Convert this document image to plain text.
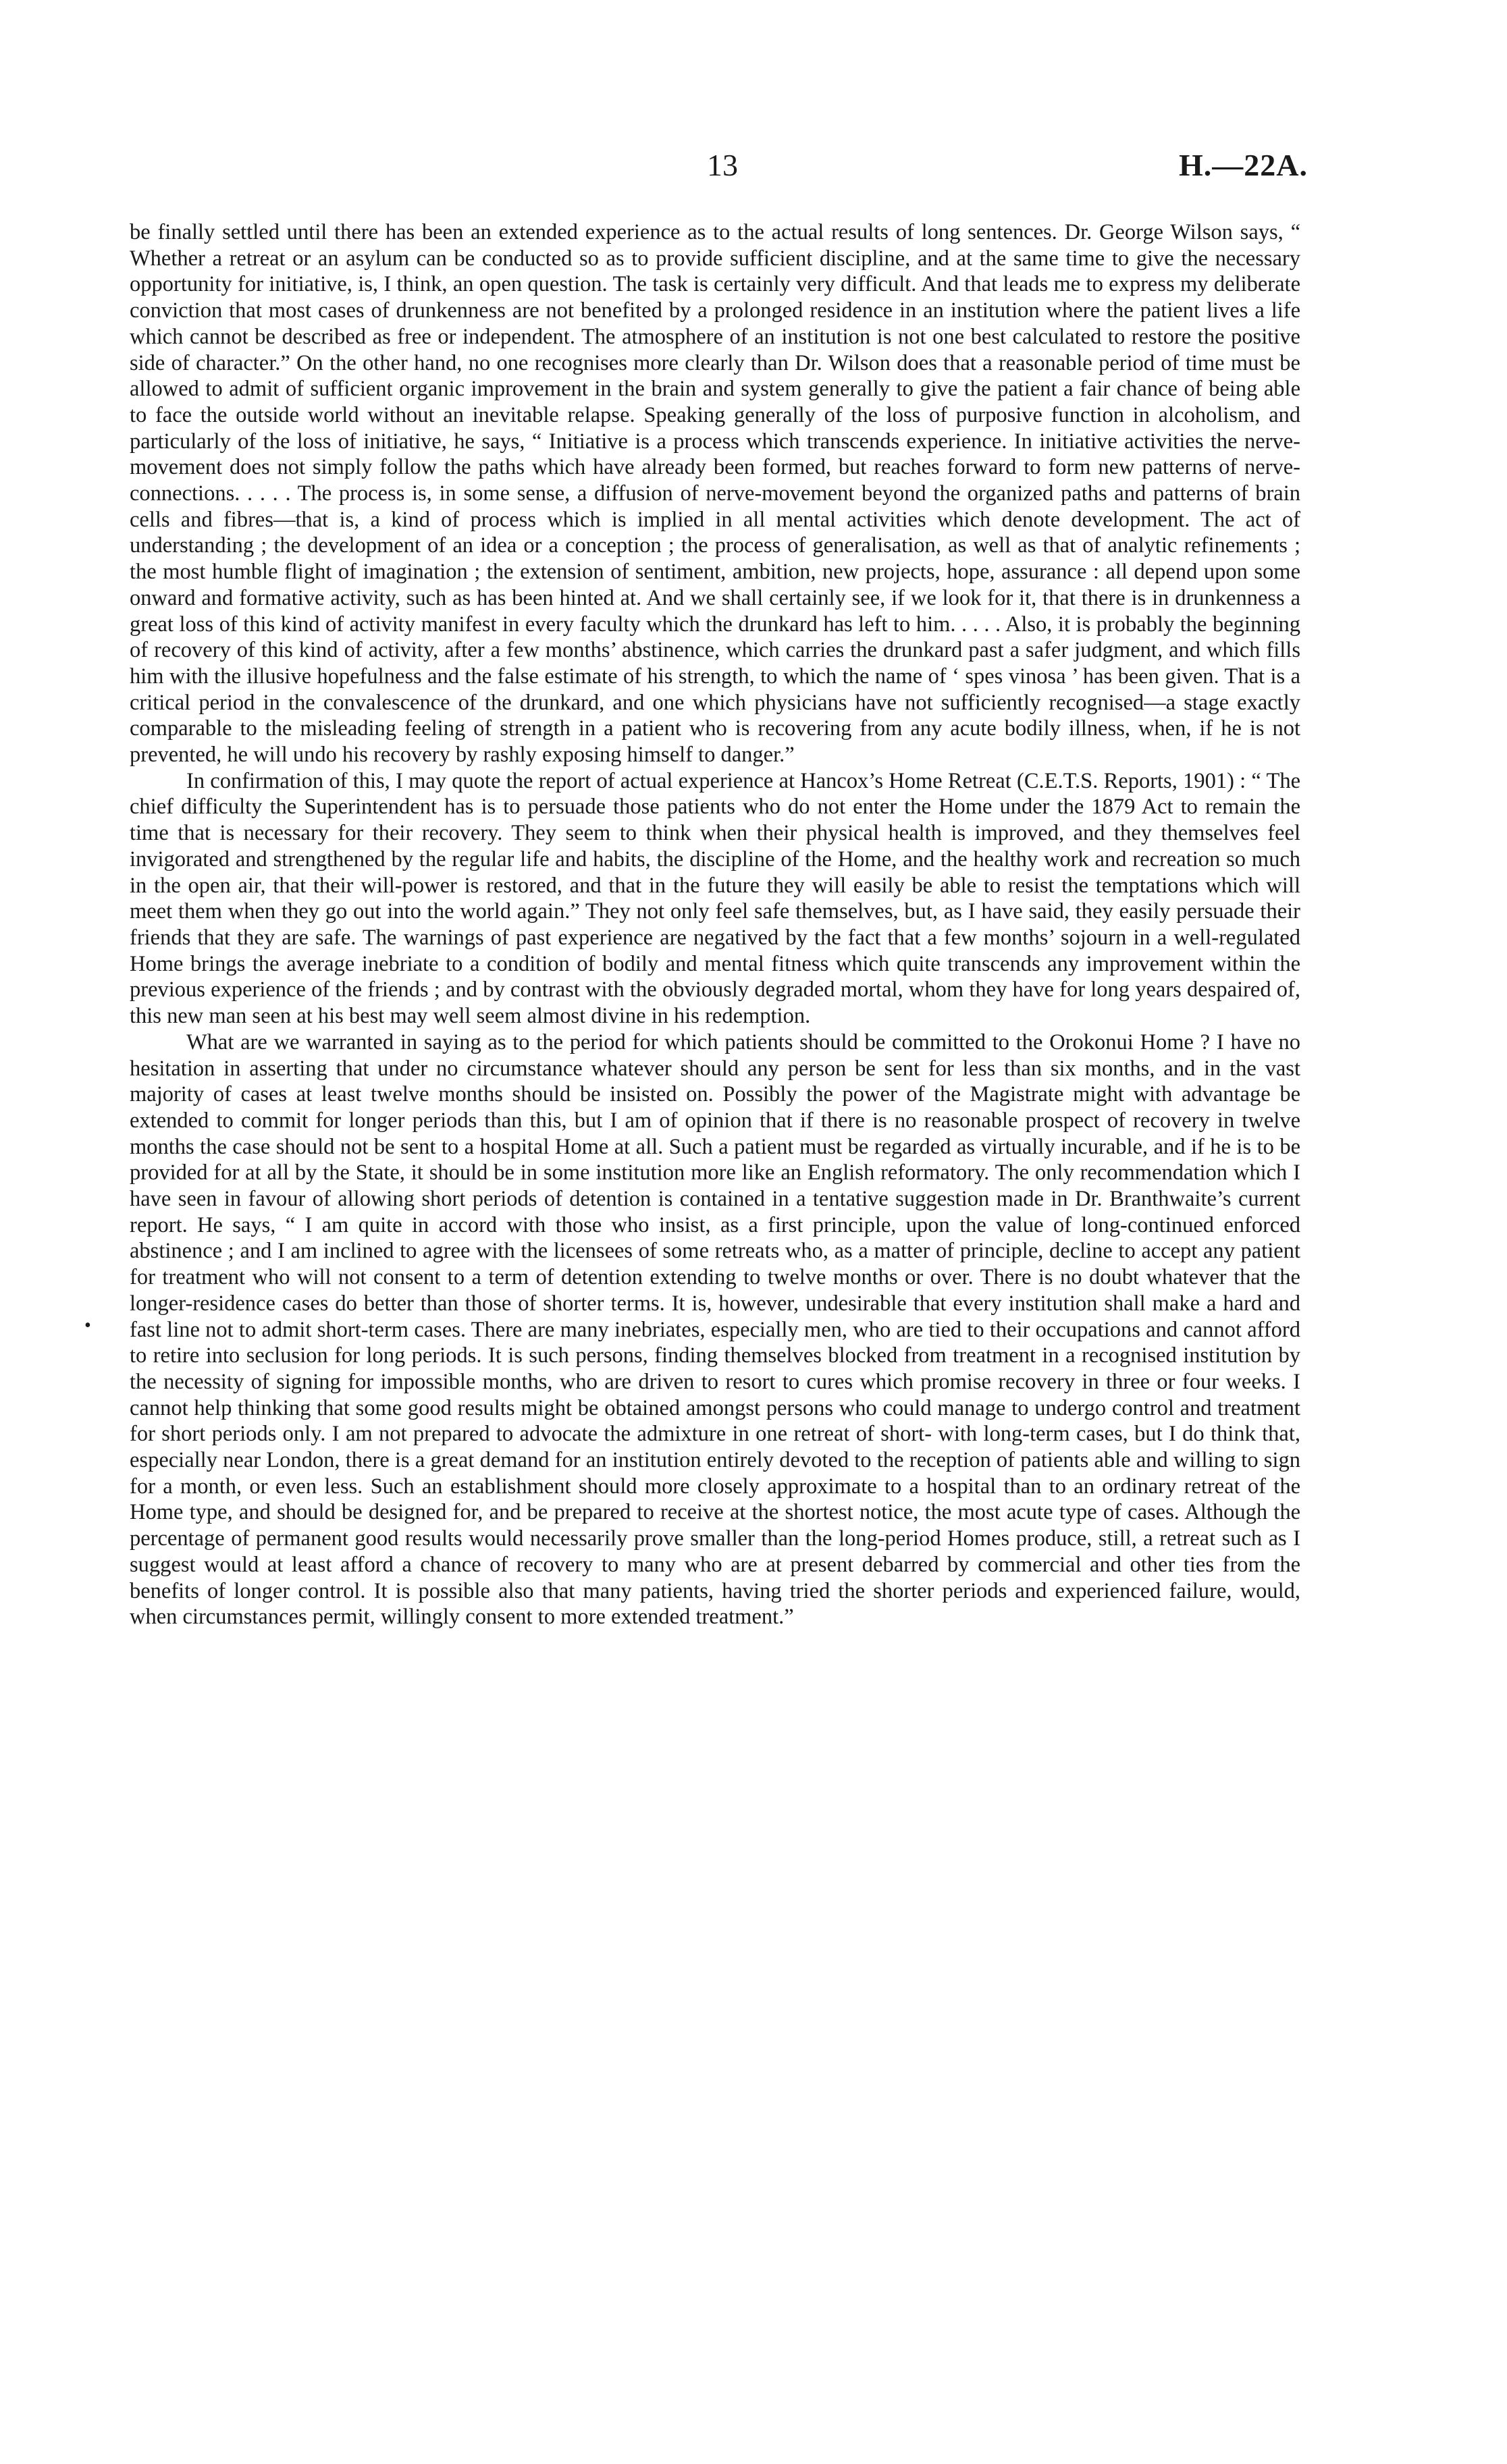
13	H.—22A.
•

be finally settled until there has been an extended experience as to the actual results of long sentences. Dr. George Wilson says, “ Whether a retreat or an asylum can be conducted so as to provide sufficient discipline, and at the same time to give the necessary opportunity for initiative, is, I think, an open question. The task is certainly very difficult. And that leads me to express my deliberate conviction that most cases of drunkenness are not benefited by a prolonged residence in an institution where the patient lives a life which cannot be described as free or independent. The atmosphere of an institution is not one best calculated to restore the positive side of character.” On the other hand, no one recognises more clearly than Dr. Wilson does that a reasonable period of time must be allowed to admit of sufficient organic improvement in the brain and system generally to give the patient a fair chance of being able to face the outside world without an inevitable relapse. Speaking generally of the loss of purposive function in alcoholism, and particularly of the loss of initiative, he says, “ Initiative is a process which transcends experience. In initiative activities the nerve-movement does not simply follow the paths which have already been formed, but reaches forward to form new patterns of nerve-connections. . . . . The process is, in some sense, a diffusion of nerve-movement beyond the organized paths and patterns of brain cells and fibres—that is, a kind of process which is implied in all mental activities which denote development. The act of understanding ; the development of an idea or a conception ; the process of generalisation, as well as that of analytic refinements ; the most humble flight of imagination ; the extension of sentiment, ambition, new projects, hope, assurance : all depend upon some onward and formative activity, such as has been hinted at. And we shall certainly see, if we look for it, that there is in drunkenness a great loss of this kind of activity manifest in every faculty which the drunkard has left to him. . . . . Also, it is probably the beginning of recovery of this kind of activity, after a few months’ abstinence, which carries the drunkard past a safer judgment, and which fills him with the illusive hopefulness and the false estimate of his strength, to which the name of ‘ spes vinosa ’ has been given. That is a critical period in the convalescence of the drunkard, and one which physicians have not sufficiently recognised—a stage exactly comparable to the misleading feeling of strength in a patient who is recovering from any acute bodily illness, when, if he is not prevented, he will undo his recovery by rashly exposing himself to danger.”

In confirmation of this, I may quote the report of actual experience at Hancox’s Home Retreat (C.E.T.S. Reports, 1901) : “ The chief difficulty the Superintendent has is to persuade those patients who do not enter the Home under the 1879 Act to remain the time that is necessary for their recovery. They seem to think when their physical health is improved, and they themselves feel invigorated and strengthened by the regular life and habits, the discipline of the Home, and the healthy work and recreation so much in the open air, that their will-power is restored, and that in the future they will easily be able to resist the temptations which will meet them when they go out into the world again.” They not only feel safe themselves, but, as I have said, they easily persuade their friends that they are safe. The warnings of past experience are negatived by the fact that a few months’ sojourn in a well-regulated Home brings the average inebriate to a condition of bodily and mental fitness which quite transcends any improvement within the previous experience of the friends ; and by contrast with the obviously degraded mortal, whom they have for long years despaired of, this new man seen at his best may well seem almost divine in his redemption.

What are we warranted in saying as to the period for which patients should be committed to the Orokonui Home ? I have no hesitation in asserting that under no circumstance whatever should any person be sent for less than six months, and in the vast majority of cases at least twelve months should be insisted on. Possibly the power of the Magistrate might with advantage be extended to commit for longer periods than this, but I am of opinion that if there is no reasonable prospect of recovery in twelve months the case should not be sent to a hospital Home at all. Such a patient must be regarded as virtually incurable, and if he is to be provided for at all by the State, it should be in some institution more like an English reformatory. The only recommendation which I have seen in favour of allowing short periods of detention is contained in a tentative suggestion made in Dr. Branthwaite’s current report. He says, “ I am quite in accord with those who insist, as a first principle, upon the value of long-continued enforced abstinence ; and I am inclined to agree with the licensees of some retreats who, as a matter of principle, decline to accept any patient for treatment who will not consent to a term of detention extending to twelve months or over. There is no doubt whatever that the longer-residence cases do better than those of shorter terms. It is, however, undesirable that every institution shall make a hard and fast line not to admit short-term cases. There are many inebriates, especially men, who are tied to their occupations and cannot afford to retire into seclusion for long periods. It is such persons, finding themselves blocked from treatment in a recognised institution by the necessity of signing for impossible months, who are driven to resort to cures which promise recovery in three or four weeks. I cannot help thinking that some good results might be obtained amongst persons who could manage to undergo control and treatment for short periods only. I am not prepared to advocate the admixture in one retreat of short- with long-term cases, but I do think that, especially near London, there is a great demand for an institution entirely devoted to the reception of patients able and willing to sign for a month, or even less. Such an establishment should more closely approximate to a hospital than to an ordinary retreat of the Home type, and should be designed for, and be prepared to receive at the shortest notice, the most acute type of cases. Although the percentage of permanent good results would necessarily prove smaller than the long-period Homes produce, still, a retreat such as I suggest would at least afford a chance of recovery to many who are at present debarred by commercial and other ties from the benefits of longer control. It is possible also that many patients, having tried the shorter periods and experienced failure, would, when circumstances permit, willingly consent to more extended treatment.”
